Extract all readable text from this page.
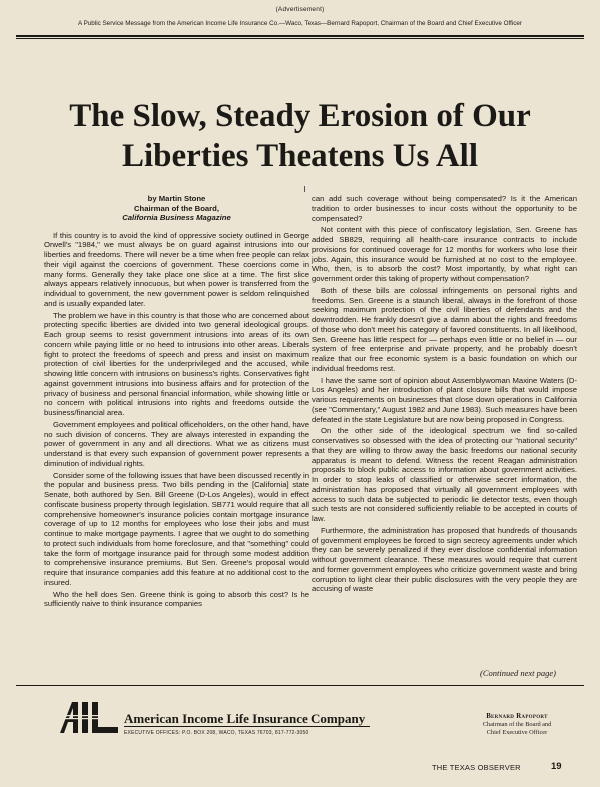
(Advertisement)
A Public Service Message from the American Income Life Insurance Co.—Waco, Texas—Bernard Rapoport, Chairman of the Board and Chief Executive Officer
The Slow, Steady Erosion of Our
Liberties Theatens Us All
by Martin Stone
Chairman of the Board,
California Business Magazine

If this country is to avoid the kind of oppressive society outlined in George Orwell's "1984," we must always be on guard against intrusions into our liberties and freedoms. There will never be a time when free people can relax their vigil against the coercions of government. These coercions come in many forms. Generally they take place one slice at a time. The first slice always appears relatively innocuous, but when power is transferred from the individual to government, the new government power is seldom relinquished and is usually expanded later.

The problem we have in this country is that those who are concerned about protecting specific liberties are divided into two general ideological groups. Each group seems to resist government intrusions into areas of its own concern while paying little or no heed to intrusions into other areas. Liberals fight to protect the freedoms of speech and press and insist on maximum protection of civil liberties for the underprivileged and the accused, while showing little concern with intrusions on business's rights. Conservatives fight against government intrusions into business affairs and for protection of the privacy of business and personal financial information, while showing little or no concern with political intrusions into rights and freedoms outside the business/financial area.

Government employees and political officeholders, on the other hand, have no such division of concerns. They are always interested in expanding the power of government in any and all directions. What we as citizens must understand is that every such expansion of government power represents a diminution of individual rights.

Consider some of the following issues that have been discussed recently in the popular and business press. Two bills pending in the [California] state Senate, both authored by Sen. Bill Greene (D-Los Angeles), would in effect confiscate business property through legislation. SB771 would require that all comprehensive homeowner's insurance policies contain mortgage insurance coverage of up to 12 months for employees who lose their jobs and must continue to make mortgage payments. I agree that we ought to do something to protect such individuals from home foreclosure, and that "something" could take the form of mortgage insurance paid for through some modest addition to comprehensive insurance premiums. But Sen. Greene's proposal would require that insurance companies add this feature at no additional cost to the insured.

Who the hell does Sen. Greene think is going to absorb this cost? Is he sufficiently naive to think insurance companies

can add such coverage without being compensated? Is it the American tradition to order businesses to incur costs without the opportunity to be compensated?

Not content with this piece of confiscatory legislation, Sen. Greene has added SB829, requiring all health-care insurance contracts to include provisions for continued coverage for 12 months for workers who lose their jobs. Again, this insurance would be furnished at no cost to the employee. Who, then, is to absorb the cost? Most importantly, by what right can government order this taking of property without compensation?

Both of these bills are colossal infringements on personal rights and freedoms. Sen. Greene is a staunch liberal, always in the forefront of those seeking maximum protection of the civil liberties of defendants and the downtrodden. He frankly doesn't give a damn about the rights and freedoms of those who don't meet his category of favored constituents. In all likelihood, Sen. Greene has little respect for — perhaps even little or no belief in — our system of free enterprise and private property, and he probably doesn't realize that our free economic system is a basic foundation on which our individual freedoms rest.

I have the same sort of opinion about Assemblywoman Maxine Waters (D-Los Angeles) and her introduction of plant closure bills that would impose various requirements on businesses that close down operations in California (see "Commentary," August 1982 and June 1983). Such measures have been defeated in the state Legislature but are now being proposed in Congress.

On the other side of the ideological spectrum we find so-called conservatives so obsessed with the idea of protecting our "national security" that they are willing to throw away the basic freedoms our national security apparatus is meant to defend. Witness the recent Reagan administration proposals to block public access to information about government activities. In order to stop leaks of classified or otherwise secret information, the administration has proposed that virtually all government employees with access to such data be subjected to periodic lie detector tests, even though such tests are not considered sufficiently reliable to be accepted in courts of law.

Furthermore, the administration has proposed that hundreds of thousands of government employees be forced to sign secrecy agreements under which they can be severely penalized if they ever disclose confidential information without government clearance. These measures would require that current and former government employees who criticize government waste and bring corruption to light clear their public disclosures with the very people they are accusing of waste

(Continued next page)
American Income Life Insurance Company
EXECUTIVE OFFICES: P.O. BOX 208, WACO, TEXAS 76703, 817-772-3050
Bernard Rapoport
Chairman of the Board and
Chief Executive Officer
THE TEXAS OBSERVER	19
